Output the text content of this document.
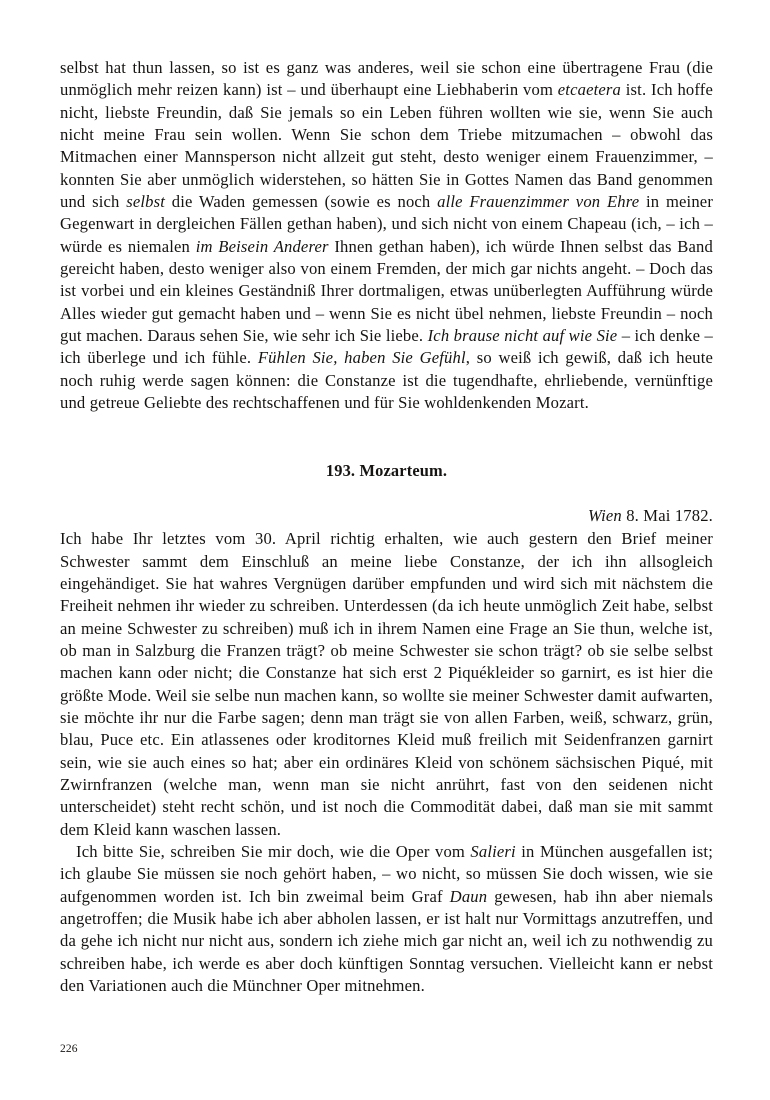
selbst hat thun lassen, so ist es ganz was anderes, weil sie schon eine übertragene Frau (die unmöglich mehr reizen kann) ist – und überhaupt eine Liebhaberin vom etcaetera ist. Ich hoffe nicht, liebste Freundin, daß Sie jemals so ein Leben führen wollten wie sie, wenn Sie auch nicht meine Frau sein wollen. Wenn Sie schon dem Triebe mitzumachen – obwohl das Mitmachen einer Mannsperson nicht allzeit gut steht, desto weniger einem Frauenzimmer, – konnten Sie aber unmöglich widerstehen, so hätten Sie in Gottes Namen das Band genommen und sich selbst die Waden gemessen (sowie es noch alle Frauenzimmer von Ehre in meiner Gegenwart in dergleichen Fällen gethan haben), und sich nicht von einem Chapeau (ich, – ich – würde es niemalen im Beisein Anderer Ihnen gethan haben), ich würde Ihnen selbst das Band gereicht haben, desto weniger also von einem Fremden, der mich gar nichts angeht. – Doch das ist vorbei und ein kleines Geständniß Ihrer dortmaligen, etwas unüberlegten Aufführung würde Alles wieder gut gemacht haben und – wenn Sie es nicht übel nehmen, liebste Freundin – noch gut machen. Daraus sehen Sie, wie sehr ich Sie liebe. Ich brause nicht auf wie Sie – ich denke – ich überlege und ich fühle. Fühlen Sie, haben Sie Gefühl, so weiß ich gewiß, daß ich heute noch ruhig werde sagen können: die Constanze ist die tugendhafte, ehrliebende, vernünftige und getreue Geliebte des rechtschaffenen und für Sie wohldenkenden Mozart.

193. Mozarteum.

Wien 8. Mai 1782.

Ich habe Ihr letztes vom 30. April richtig erhalten, wie auch gestern den Brief meiner Schwester sammt dem Einschluß an meine liebe Constanze, der ich ihn allsogleich eingehändiget. Sie hat wahres Vergnügen darüber empfunden und wird sich mit nächstem die Freiheit nehmen ihr wieder zu schreiben. Unterdessen (da ich heute unmöglich Zeit habe, selbst an meine Schwester zu schreiben) muß ich in ihrem Namen eine Frage an Sie thun, welche ist, ob man in Salzburg die Franzen trägt? ob meine Schwester sie schon trägt? ob sie selbe selbst machen kann oder nicht; die Constanze hat sich erst 2 Piquékleider so garnirt, es ist hier die größte Mode. Weil sie selbe nun machen kann, so wollte sie meiner Schwester damit aufwarten, sie möchte ihr nur die Farbe sagen; denn man trägt sie von allen Farben, weiß, schwarz, grün, blau, Puce etc. Ein atlassenes oder kroditornes Kleid muß freilich mit Seidenfranzen garnirt sein, wie sie auch eines so hat; aber ein ordinäres Kleid von schönem sächsischen Piqué, mit Zwirnfranzen (welche man, wenn man sie nicht anrührt, fast von den seidenen nicht unterscheidet) steht recht schön, und ist noch die Commodität dabei, daß man sie mit sammt dem Kleid kann waschen lassen.

Ich bitte Sie, schreiben Sie mir doch, wie die Oper vom Salieri in München ausgefallen ist; ich glaube Sie müssen sie noch gehört haben, – wo nicht, so müssen Sie doch wissen, wie sie aufgenommen worden ist. Ich bin zweimal beim Graf Daun gewesen, hab ihn aber niemals angetroffen; die Musik habe ich aber abholen lassen, er ist halt nur Vormittags anzutreffen, und da gehe ich nicht nur nicht aus, sondern ich ziehe mich gar nicht an, weil ich zu nothwendig zu schreiben habe, ich werde es aber doch künftigen Sonntag versuchen. Vielleicht kann er nebst den Variationen auch die Münchner Oper mitnehmen.

226
